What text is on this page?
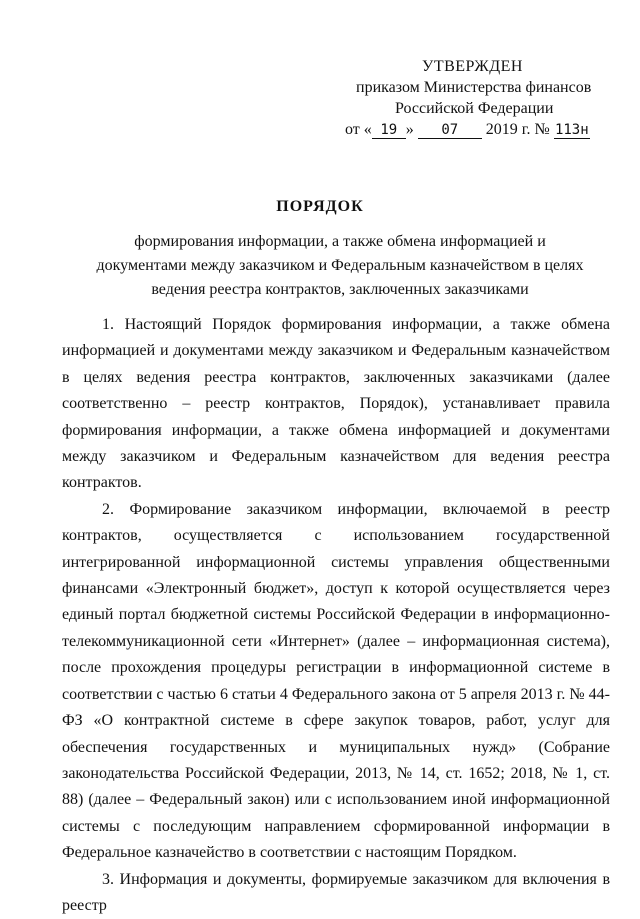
УТВЕРЖДЕН
приказом Министерства финансов
Российской Федерации
от « 19 » 07 2019 г. № 113н
ПОРЯДОК
формирования информации, а также обмена информацией и документами между заказчиком и Федеральным казначейством в целях ведения реестра контрактов, заключенных заказчиками

1. Настоящий Порядок формирования информации, а также обмена информацией и документами между заказчиком и Федеральным казначейством в целях ведения реестра контрактов, заключенных заказчиками (далее соответственно – реестр контрактов, Порядок), устанавливает правила формирования информации, а также обмена информацией и документами между заказчиком и Федеральным казначейством для ведения реестра контрактов.

2. Формирование заказчиком информации, включаемой в реестр контрактов, осуществляется с использованием государственной интегрированной информационной системы управления общественными финансами «Электронный бюджет», доступ к которой осуществляется через единый портал бюджетной системы Российской Федерации в информационно-телекоммуникационной сети «Интернет» (далее – информационная система), после прохождения процедуры регистрации в информационной системе в соответствии с частью 6 статьи 4 Федерального закона от 5 апреля 2013 г. № 44-ФЗ «О контрактной системе в сфере закупок товаров, работ, услуг для обеспечения государственных и муниципальных нужд» (Собрание законодательства Российской Федерации, 2013, № 14, ст. 1652; 2018, № 1, ст. 88) (далее – Федеральный закон) или с использованием иной информационной системы с последующим направлением сформированной информации в Федеральное казначейство в соответствии с настоящим Порядком.

3. Информация и документы, формируемые заказчиком для включения в реестр
